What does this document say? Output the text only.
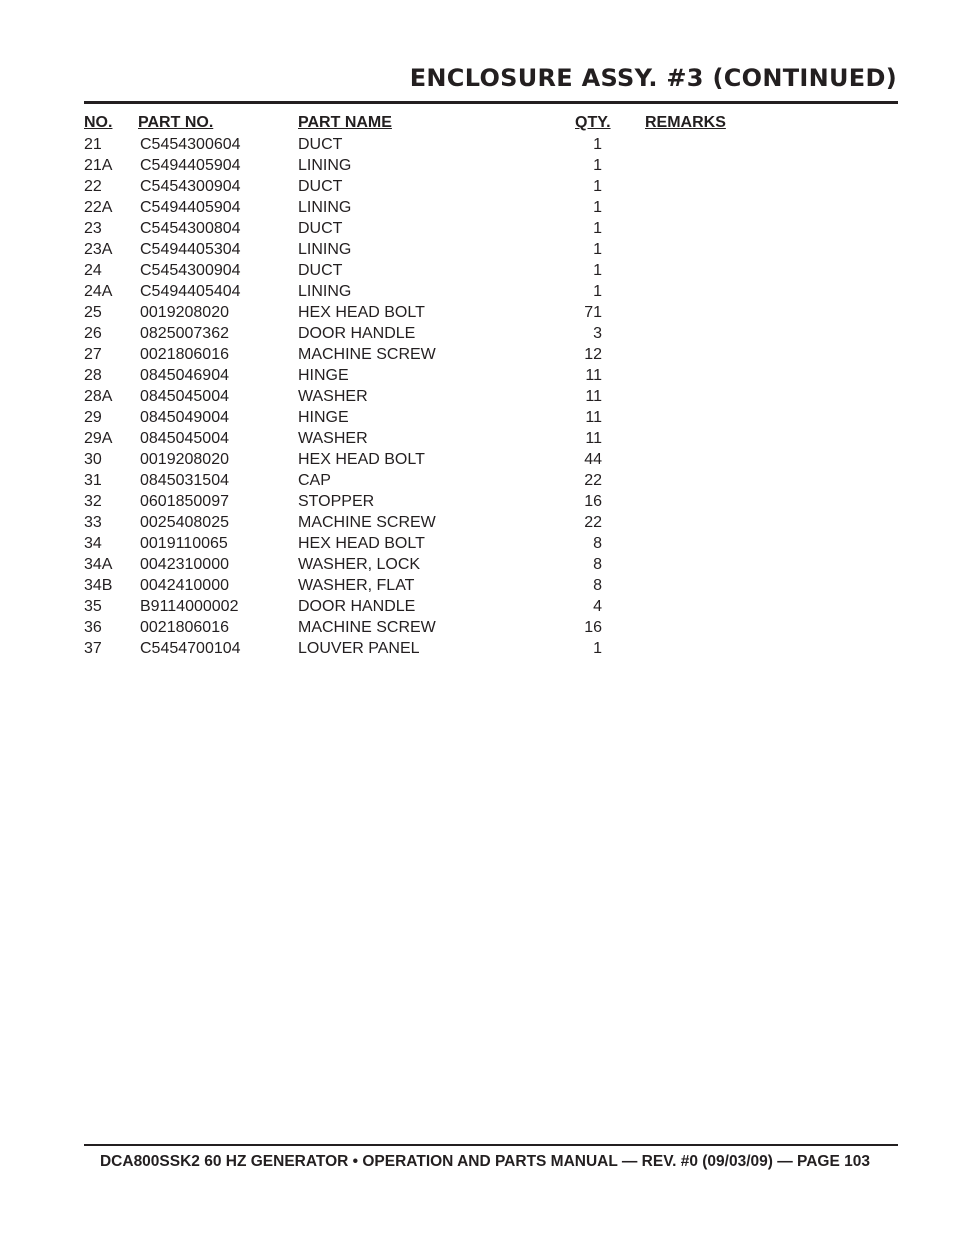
ENCLOSURE ASSY. #3 (CONTINUED)
NO. PART NO.	PART NAME	QTY. REMARKS
21 C5454300604	DUCT	1
21A C5494405904	LINING	1
22 C5454300904	DUCT	1
22A C5494405904	LINING	1
23 C5454300804	DUCT	1
23A C5494405304	LINING	1
24 C5454300904	DUCT	1
24A C5494405404	LINING	1
25 0019208020	HEX HEAD BOLT	71
26 0825007362	DOOR HANDLE	3
27 0021806016	MACHINE SCREW	12
28 0845046904	HINGE	11
28A 0845045004	WASHER	11
29 0845049004	HINGE	11
29A 0845045004	WASHER	11
30 0019208020	HEX HEAD BOLT	44
31 0845031504	CAP	22
32 0601850097	STOPPER	16
33 0025408025	MACHINE SCREW	22
34 0019110065	HEX HEAD BOLT	8
34A 0042310000	WASHER, LOCK	8
34B 0042410000	WASHER, FLAT	8
35 B9114000002	DOOR HANDLE	4
36 0021806016	MACHINE SCREW	16
37 C5454700104	LOUVER PANEL	1
DCA800SSK2 60 HZ GENERATOR • OPERATION AND PARTS MANUAL — REV. #0 (09/03/09) — PAGE 103
